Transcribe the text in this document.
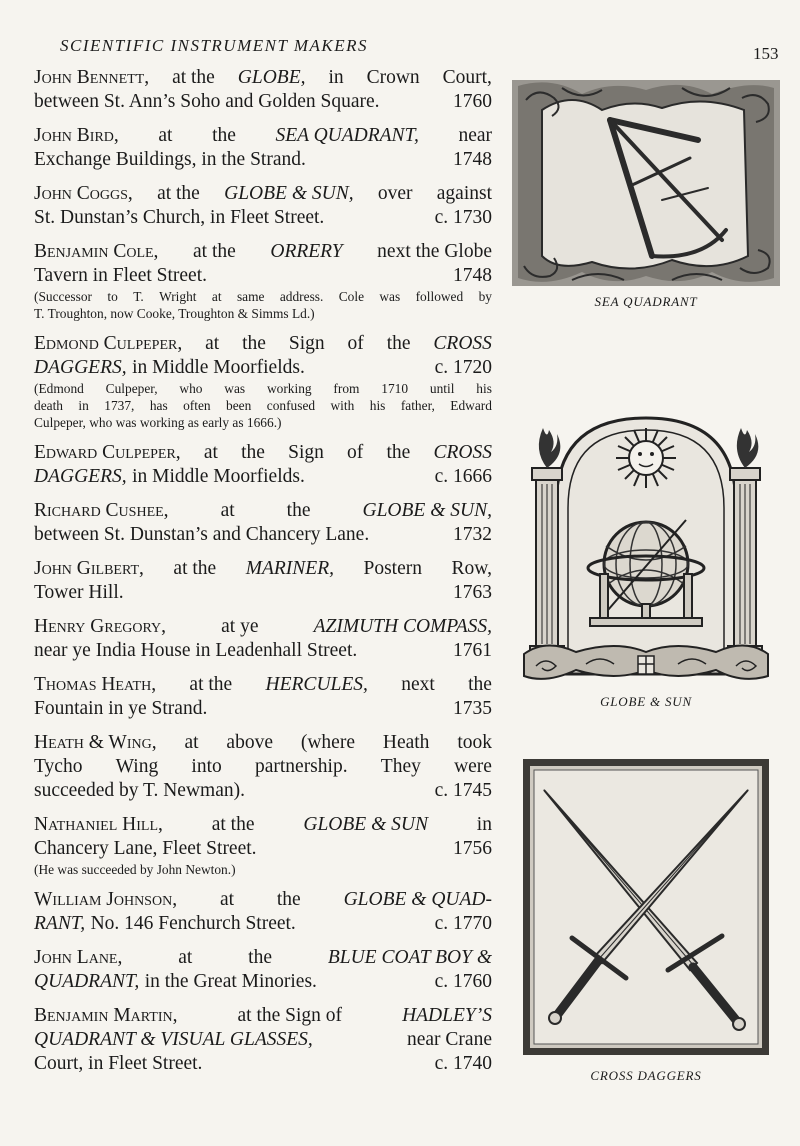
SCIENTIFIC INSTRUMENT MAKERS	153
John Bennett, at the GLOBE, in Crown Court,
between St. Ann’s Soho and Golden Square.	1760
John Bird, at the SEA QUADRANT, near
Exchange Buildings, in the Strand.	1748
John Coggs, at the GLOBE & SUN, over against
St. Dunstan’s Church, in Fleet Street.	c. 1730
Benjamin Cole, at the ORRERY next the Globe
Tavern in Fleet Street.	1748
(Successor to T. Wright at same address. Cole was followed by
T. Troughton, now Cooke, Troughton & Simms Ld.)
Edmond Culpeper, at the Sign of the CROSS
DAGGERS, in Middle Moorfields.	c. 1720
(Edmond Culpeper, who was working from 1710 until his
death in 1737, has often been confused with his father, Edward
Culpeper, who was working as early as 1666.)
Edward Culpeper, at the Sign of the CROSS
DAGGERS, in Middle Moorfields.	c. 1666
Richard Cushee,	at	the	GLOBE & SUN,
between St. Dunstan’s and Chancery Lane.	1732
John Gilbert, at the MARINER, Postern Row,
Tower Hill.	1763
Henry Gregory,	at ye	AZIMUTH COMPASS,
near ye India House in Leadenhall Street.	1761
Thomas Heath, at the HERCULES, next the
Fountain in ye Strand.	1735
Heath & Wing, at above (where Heath took
Tycho Wing into partnership. They were
succeeded by T. Newman).	c. 1745
Nathaniel Hill,	at the	GLOBE & SUN	in
Chancery Lane, Fleet Street.	1756
(He was succeeded by John Newton.)
William Johnson, at the GLOBE & QUAD-
RANT, No. 146 Fenchurch Street.	c. 1770
John Lane,	at	the	BLUE COAT BOY &
QUADRANT, in the Great Minories.	c. 1760
Benjamin Martin,	at the Sign of	HADLEY’S
QUADRANT & VISUAL GLASSES,	near Crane
Court, in Fleet Street.	c. 1740
SEA QUADRANT
GLOBE & SUN
CROSS DAGGERS
